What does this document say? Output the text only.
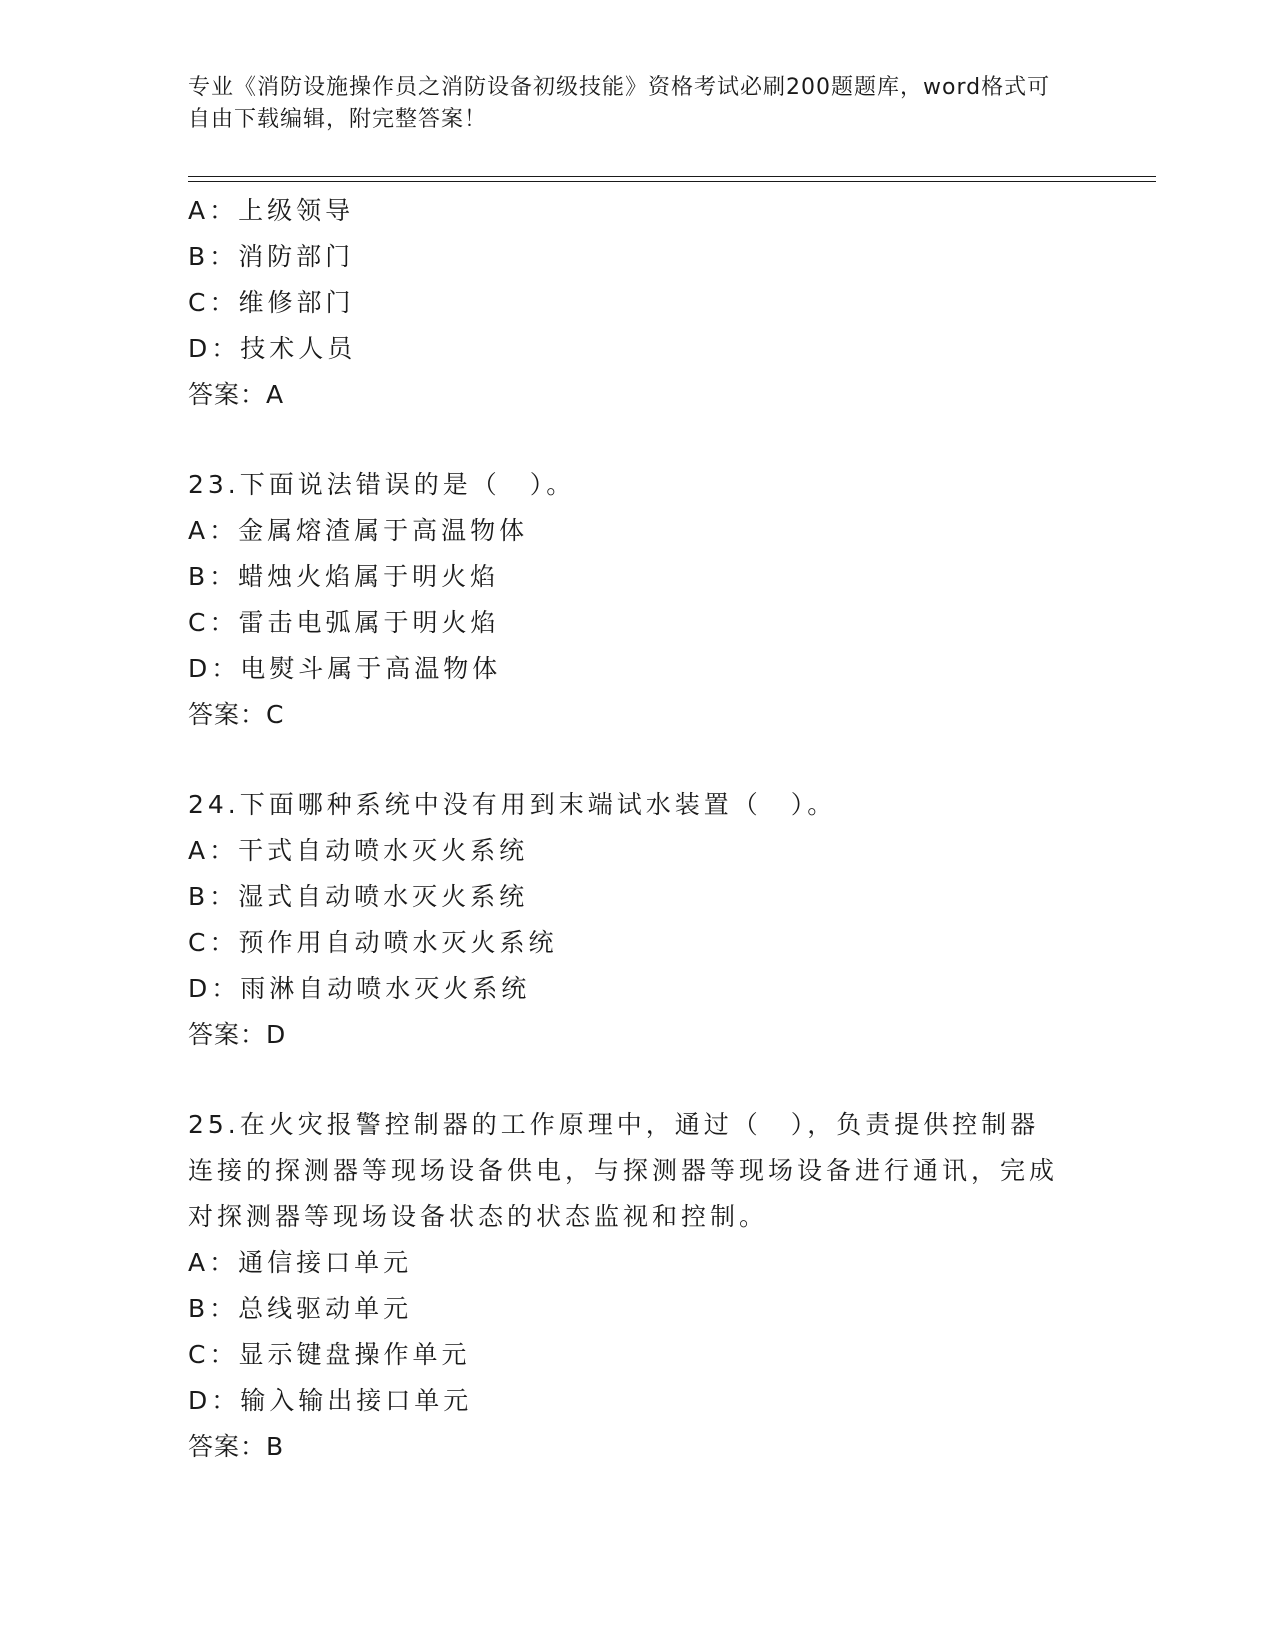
专业《消防设施操作员之消防设备初级技能》资格考试必刷200题题库，word格式可自由下载编辑，附完整答案！
A：上级领导
B：消防部门
C：维修部门
D：技术人员
答案：A
23.下面说法错误的是（　）。
A：金属熔渣属于高温物体
B：蜡烛火焰属于明火焰
C：雷击电弧属于明火焰
D：电熨斗属于高温物体
答案：C
24.下面哪种系统中没有用到末端试水装置（　）。
A：干式自动喷水灭火系统
B：湿式自动喷水灭火系统
C：预作用自动喷水灭火系统
D：雨淋自动喷水灭火系统
答案：D
25.在火灾报警控制器的工作原理中，通过（　），负责提供控制器连接的探测器等现场设备供电，与探测器等现场设备进行通讯，完成对探测器等现场设备状态的状态监视和控制。
A：通信接口单元
B：总线驱动单元
C：显示键盘操作单元
D：输入输出接口单元
答案：B
